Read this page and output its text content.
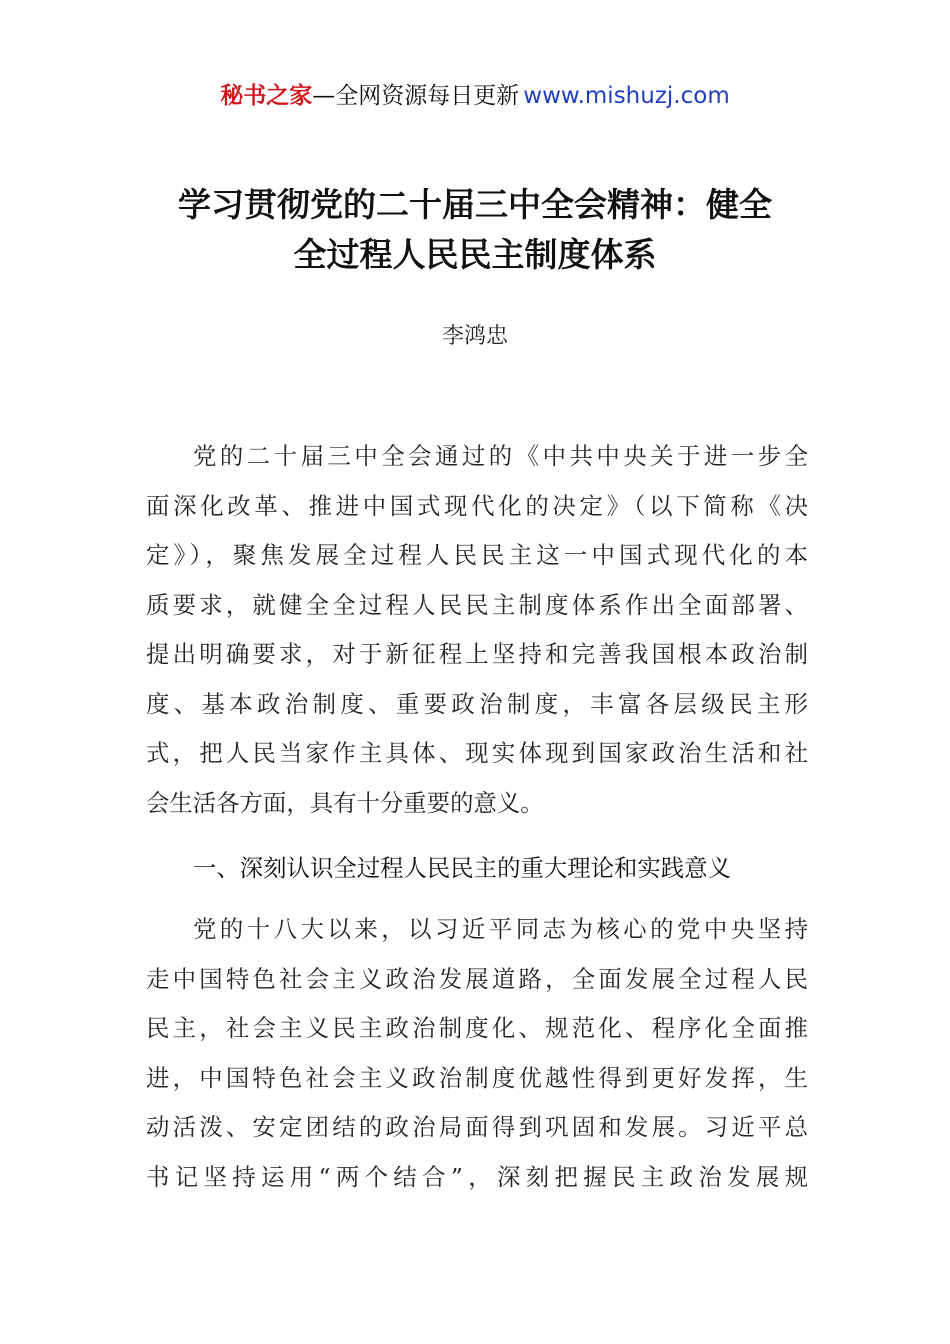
秘书之家—全网资源每日更新 www.mishuzj.com
学习贯彻党的二十届三中全会精神：健全
全过程人民民主制度体系
李鸿忠
党的二十届三中全会通过的《中共中央关于进一步全
面深化改革、推进中国式现代化的决定》（以下简称《决
定》），聚焦发展全过程人民民主这一中国式现代化的本
质要求，就健全全过程人民民主制度体系作出全面部署、
提出明确要求，对于新征程上坚持和完善我国根本政治制
度、基本政治制度、重要政治制度，丰富各层级民主形
式，把人民当家作主具体、现实体现到国家政治生活和社
会生活各方面，具有十分重要的意义。
一、深刻认识全过程人民民主的重大理论和实践意义
党的十八大以来，以习近平同志为核心的党中央坚持
走中国特色社会主义政治发展道路，全面发展全过程人民
民主，社会主义民主政治制度化、规范化、程序化全面推
进，中国特色社会主义政治制度优越性得到更好发挥，生
动活泼、安定团结的政治局面得到巩固和发展。习近平总
书记坚持运用“两个结合”，深刻把握民主政治发展规
